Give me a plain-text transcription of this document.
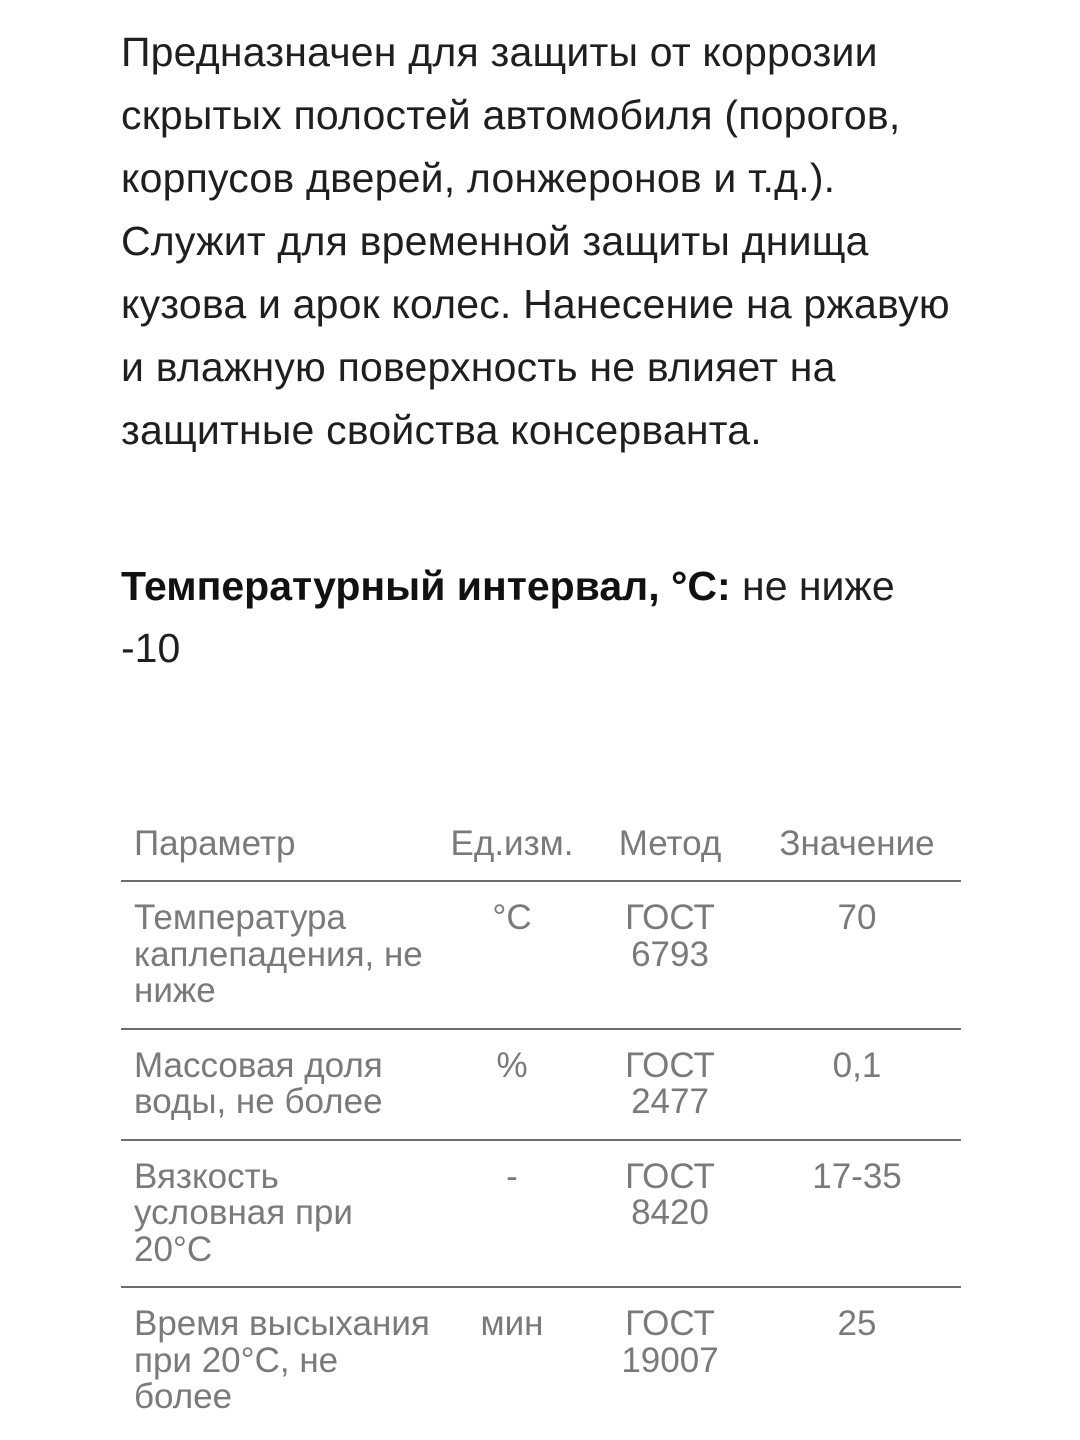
Предназначен для защиты от коррозии скрытых полостей автомобиля (порогов, корпусов дверей, лонжеронов и т.д.). Служит для временной защиты днища кузова и арок колес. Нанесение на ржавую и влажную поверхность не влияет на защитные свойства консерванта.

Температурный интервал, °С: не ниже -10

Параметр	Ед.изм.	Метод	Значение
Температура каплепадения, не ниже	°С	ГОСТ 6793	70
Массовая доля воды, не более	%	ГОСТ 2477	0,1
Вязкость условная при 20°С	-	ГОСТ 8420	17-35
Время высыхания при 20°С, не более	мин	ГОСТ 19007	25
